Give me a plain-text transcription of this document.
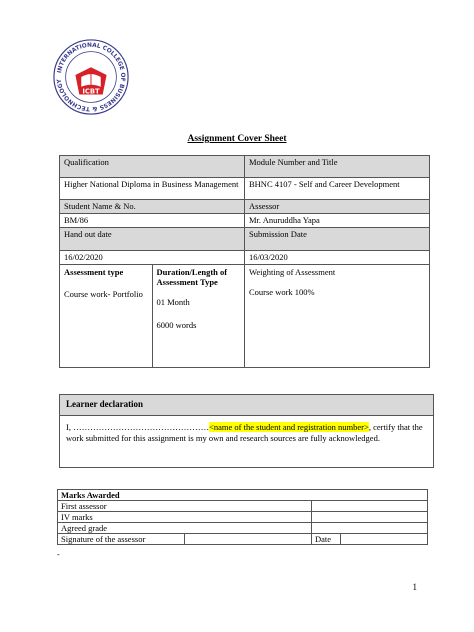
INTERNATIONAL COLLEGE OF BUSINESS & TECHNOLOGY
ICBT
Assignment Cover Sheet
Qualification	Module Number and Title
Higher National Diploma in Business Management	BHNC 4107 - Self and Career Development
Student Name & No.	Assessor
BM/86	Mr. Anuruddha Yapa
Hand out date	Submission Date
16/02/2020	16/03/2020

Assessment type
Course work- Portfolio

Duration/Length of Assessment Type
01 Month
6000 words

Weighting of Assessment
Course work 100%
Learner declaration
I, …………………………………………<name of the student and registration number>, certify that the work submitted for this assignment is my own and research sources are fully acknowledged.
Marks Awarded			
First assessor			
IV marks			
Agreed grade			
Signature of the assessor		Date	
-
1
